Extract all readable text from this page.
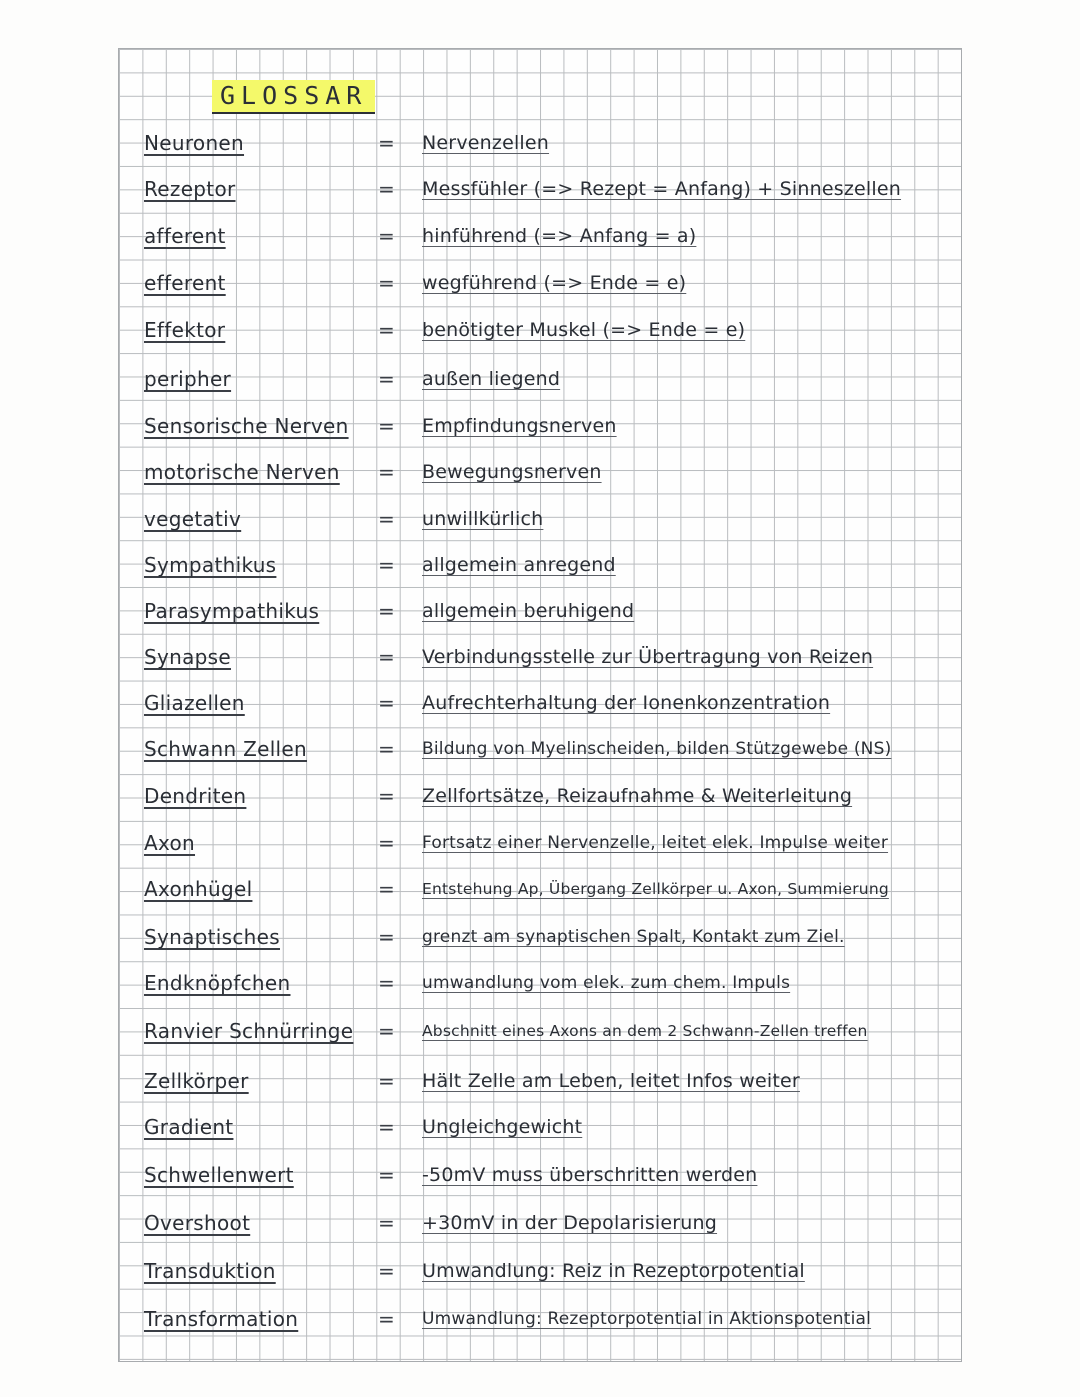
GLOSSAR
Neuronen	= Nervenzellen
Rezeptor	= Messfühler (=> Rezept = Anfang) + Sinneszellen
afferent	= hinführend (=> Anfang = a)
efferent	= wegführend (=> Ende = e)
Effektor	= benötigter Muskel (=> Ende = e)
peripher	= außen liegend
Sensorische Nerven = Empfindungsnerven
motorische Nerven = Bewegungsnerven
vegetativ	= unwillkürlich
Sympathikus	= allgemein anregend
Parasympathikus	= allgemein beruhigend
Synapse	= Verbindungsstelle zur Übertragung von Reizen
Gliazellen	= Aufrechterhaltung der Ionenkonzentration
Schwann Zellen	= Bildung von Myelinscheiden, bilden Stützgewebe (NS)
Dendriten	= Zellfortsätze, Reizaufnahme & Weiterleitung
Axon	= Fortsatz einer Nervenzelle, leitet elek. Impulse weiter
Axonhügel	= Entstehung Ap, Übergang Zellkörper u. Axon, Summierung
Synaptisches	= grenzt am synaptischen Spalt, Kontakt zum Ziel.
Endknöpfchen	= umwandlung vom elek. zum chem. Impuls
Ranvier Schnürringe = Abschnitt eines Axons an dem 2 Schwann-Zellen treffen
Zellkörper	= Hält Zelle am Leben, leitet Infos weiter
Gradient	= Ungleichgewicht
Schwellenwert	= -50mV muss überschritten werden
Overshoot	= +30mV in der Depolarisierung
Transduktion	= Umwandlung: Reiz in Rezeptorpotential
Transformation	= Umwandlung: Rezeptorpotential in Aktionspotential
